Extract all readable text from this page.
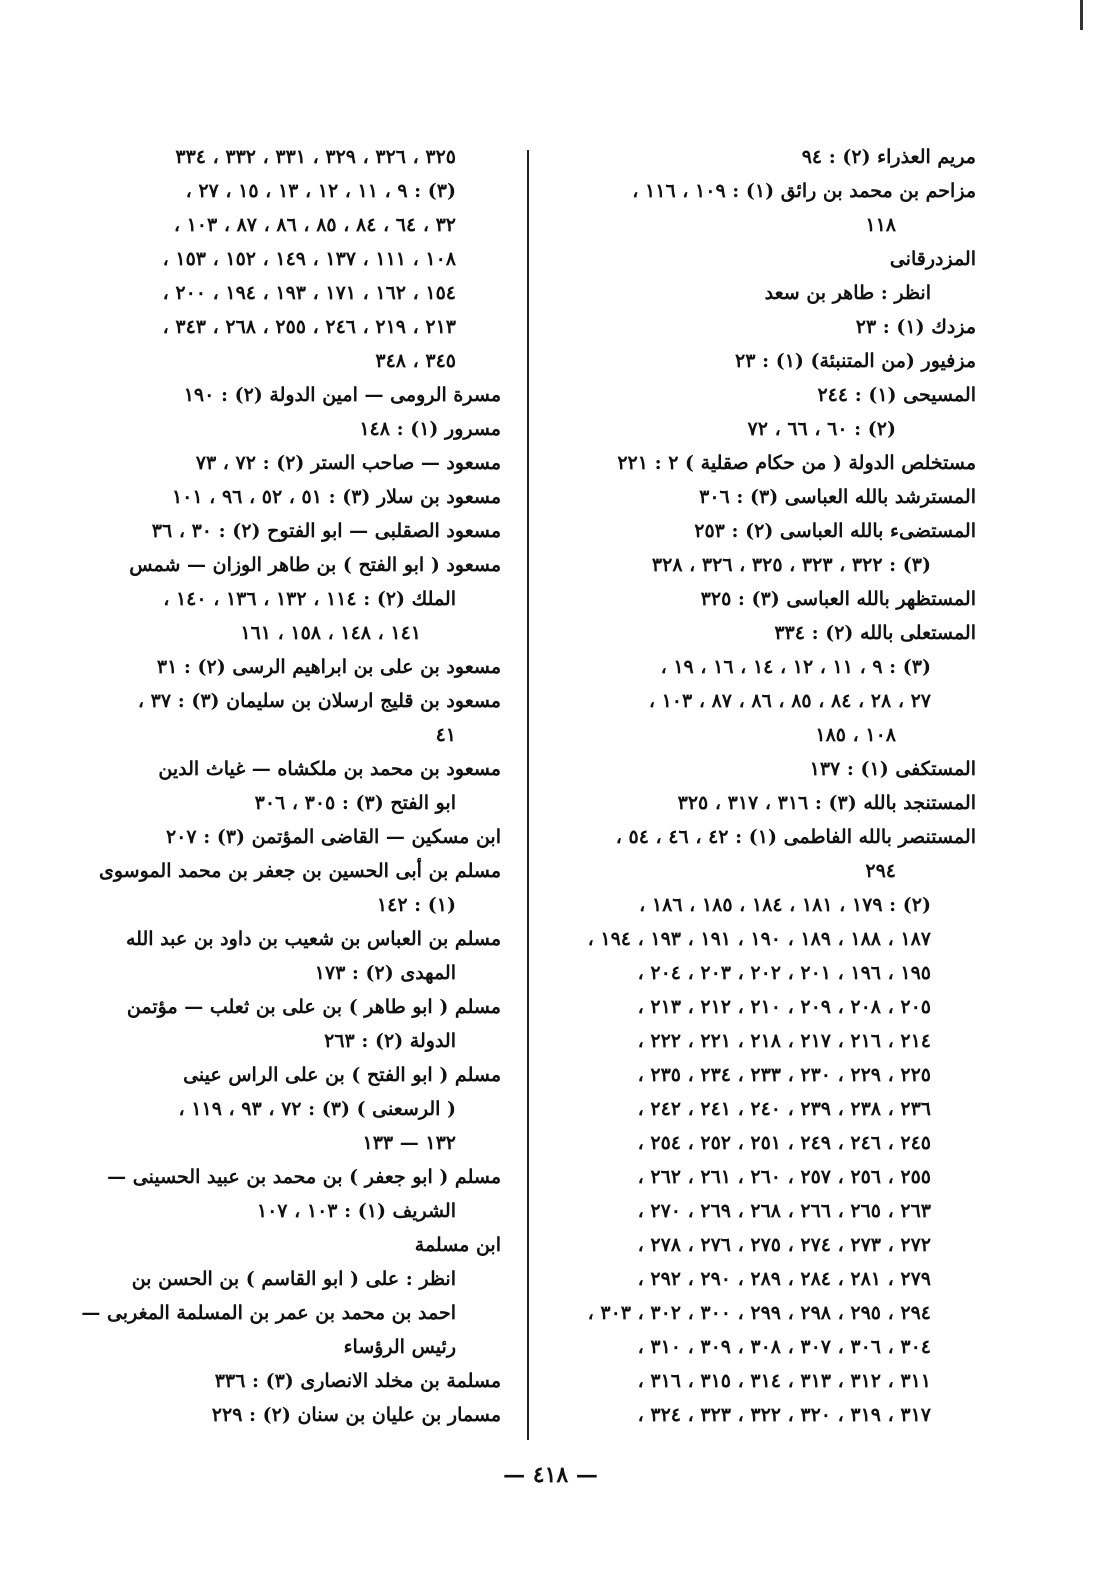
مريم العذراء (٢) : ٩٤
مزاحم بن محمد بن رائق (١) : ١٠٩ ، ١١٦ ،
١١٨
المزدرقانى
انظر : طاهر بن سعد
مزدك (١) : ٢٣
مزفيور (من المتنبئة) (١) : ٢٣
المسيحى (١) : ٢٤٤
(٢) : ٦٠ ، ٦٦ ، ٧٢
مستخلص الدولة ( من حكام صقلية ) ٢ : ٢٢١
المسترشد بالله العباسى (٣) : ٣٠٦
المستضىء بالله العباسى (٢) : ٢٥٣
(٣) : ٣٢٢ ، ٣٢٣ ، ٣٢٥ ، ٣٢٦ ، ٣٢٨
المستظهر بالله العباسى (٣) : ٣٢٥
المستعلى بالله (٢) : ٣٣٤
(٣) : ٩ ، ١١ ، ١٢ ، ١٤ ، ١٦ ، ١٩ ،
٢٧ ، ٢٨ ، ٨٤ ، ٨٥ ، ٨٦ ، ٨٧ ، ١٠٣ ،
١٠٨ ، ١٨٥
المستكفى (١) : ١٣٧
المستنجد بالله (٣) : ٣١٦ ، ٣١٧ ، ٣٢٥
المستنصر بالله الفاطمى (١) : ٤٢ ، ٤٦ ، ٥٤ ،
٢٩٤
(٢) : ١٧٩ ، ١٨١ ، ١٨٤ ، ١٨٥ ، ١٨٦ ،
١٨٧ ، ١٨٨ ، ١٨٩ ، ١٩٠ ، ١٩١ ، ١٩٣ ، ١٩٤ ،
١٩٥ ، ١٩٦ ، ٢٠١ ، ٢٠٢ ، ٢٠٣ ، ٢٠٤ ،
٢٠٥ ، ٢٠٨ ، ٢٠٩ ، ٢١٠ ، ٢١٢ ، ٢١٣ ،
٢١٤ ، ٢١٦ ، ٢١٧ ، ٢١٨ ، ٢٢١ ، ٢٢٢ ،
٢٢٥ ، ٢٢٩ ، ٢٣٠ ، ٢٣٣ ، ٢٣٤ ، ٢٣٥ ،
٢٣٦ ، ٢٣٨ ، ٢٣٩ ، ٢٤٠ ، ٢٤١ ، ٢٤٢ ،
٢٤٥ ، ٢٤٦ ، ٢٤٩ ، ٢٥١ ، ٢٥٢ ، ٢٥٤ ،
٢٥٥ ، ٢٥٦ ، ٢٥٧ ، ٢٦٠ ، ٢٦١ ، ٢٦٢ ،
٢٦٣ ، ٢٦٥ ، ٢٦٦ ، ٢٦٨ ، ٢٦٩ ، ٢٧٠ ،
٢٧٢ ، ٢٧٣ ، ٢٧٤ ، ٢٧٥ ، ٢٧٦ ، ٢٧٨ ،
٢٧٩ ، ٢٨١ ، ٢٨٤ ، ٢٨٩ ، ٢٩٠ ، ٢٩٢ ،
٢٩٤ ، ٢٩٥ ، ٢٩٨ ، ٢٩٩ ، ٣٠٠ ، ٣٠٢ ، ٣٠٣ ،
٣٠٤ ، ٣٠٦ ، ٣٠٧ ، ٣٠٨ ، ٣٠٩ ، ٣١٠ ،
٣١١ ، ٣١٢ ، ٣١٣ ، ٣١٤ ، ٣١٥ ، ٣١٦ ،
٣١٧ ، ٣١٩ ، ٣٢٠ ، ٣٢٢ ، ٣٢٣ ، ٣٢٤ ،
٣٢٥ ، ٣٢٦ ، ٣٢٩ ، ٣٣١ ، ٣٣٢ ، ٣٣٤
(٣) : ٩ ، ١١ ، ١٢ ، ١٣ ، ١٥ ، ٢٧ ،
٣٢ ، ٦٤ ، ٨٤ ، ٨٥ ، ٨٦ ، ٨٧ ، ١٠٣ ،
١٠٨ ، ١١١ ، ١٣٧ ، ١٤٩ ، ١٥٢ ، ١٥٣ ،
١٥٤ ، ١٦٢ ، ١٧١ ، ١٩٣ ، ١٩٤ ، ٢٠٠ ،
٢١٣ ، ٢١٩ ، ٢٤٦ ، ٢٥٥ ، ٢٦٨ ، ٣٤٣ ،
٣٤٥ ، ٣٤٨
مسرة الرومى — امين الدولة (٢) : ١٩٠
مسرور (١) : ١٤٨
مسعود — صاحب الستر (٢) : ٧٢ ، ٧٣
مسعود بن سلار (٣) : ٥١ ، ٥٢ ، ٩٦ ، ١٠١
مسعود الصقلبى — ابو الفتوح (٢) : ٣٠ ، ٣٦
مسعود ( ابو الفتح ) بن طاهر الوزان — شمس
الملك (٢) : ١١٤ ، ١٣٢ ، ١٣٦ ، ١٤٠ ،
١٤١ ، ١٤٨ ، ١٥٨ ، ١٦١
مسعود بن على بن ابراهيم الرسى (٢) : ٣١
مسعود بن قليج ارسلان بن سليمان (٣) : ٣٧ ،
٤١
مسعود بن محمد بن ملكشاه — غياث الدين
ابو الفتح (٣) : ٣٠٥ ، ٣٠٦
ابن مسكين — القاضى المؤتمن (٣) : ٢٠٧
مسلم بن أبى الحسين بن جعفر بن محمد الموسوى
(١) : ١٤٢
مسلم بن العباس بن شعيب بن داود بن عبد الله
المهدى (٢) : ١٧٣
مسلم ( ابو طاهر ) بن على بن ثعلب — مؤتمن
الدولة (٢) : ٢٦٣
مسلم ( ابو الفتح ) بن على الراس عينى
( الرسعنى ) (٣) : ٧٢ ، ٩٣ ، ١١٩ ،
١٣٢ — ١٣٣
مسلم ( ابو جعفر ) بن محمد بن عبيد الحسينى —
الشريف (١) : ١٠٣ ، ١٠٧
ابن مسلمة
انظر : على ( ابو القاسم ) بن الحسن بن
احمد بن محمد بن عمر بن المسلمة المغربى —
رئيس الرؤساء
مسلمة بن مخلد الانصارى (٣) : ٣٣٦
مسمار بن عليان بن سنان (٢) : ٢٢٩
— ٤١٨ —
